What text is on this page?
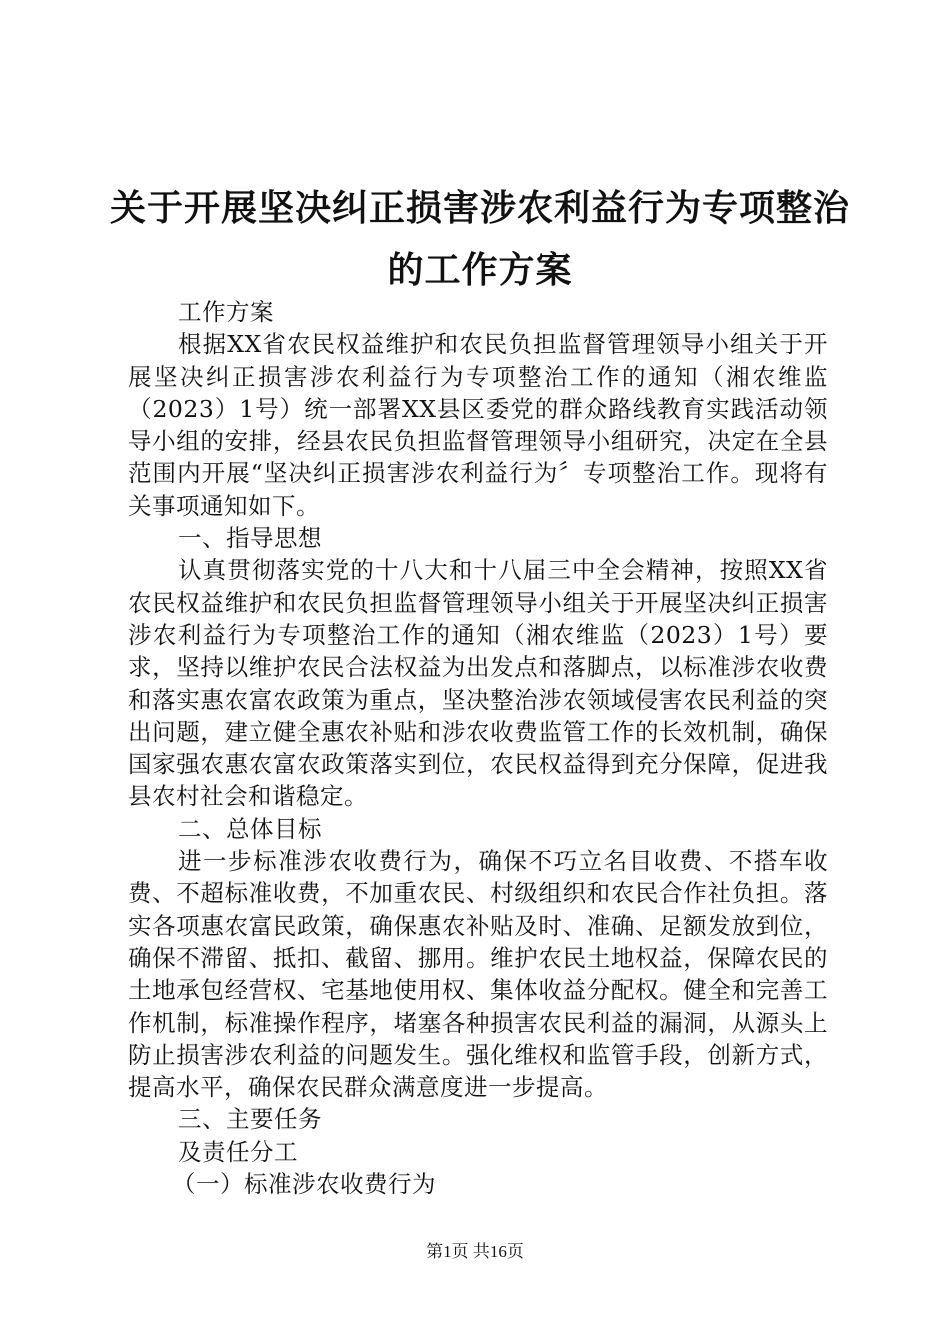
关于开展坚决纠正损害涉农利益行为专项整治
的工作方案

工作方案

根据XX省农民权益维护和农民负担监督管理领导小组关于开展坚决纠正损害涉农利益行为专项整治工作的通知（湘农维监（2023）1号）统一部署XX县区委党的群众路线教育实践活动领导小组的安排，经县农民负担监督管理领导小组研究，决定在全县范围内开展“坚决纠正损害涉农利益行为〞专项整治工作。现将有关事项通知如下。

一、指导思想

认真贯彻落实党的十八大和十八届三中全会精神，按照XX省农民权益维护和农民负担监督管理领导小组关于开展坚决纠正损害涉农利益行为专项整治工作的通知（湘农维监（2023）1号）要求，坚持以维护农民合法权益为出发点和落脚点，以标准涉农收费和落实惠农富农政策为重点，坚决整治涉农领域侵害农民利益的突出问题，建立健全惠农补贴和涉农收费监管工作的长效机制，确保国家强农惠农富农政策落实到位，农民权益得到充分保障，促进我县农村社会和谐稳定。

二、总体目标

进一步标准涉农收费行为，确保不巧立名目收费、不搭车收费、不超标准收费，不加重农民、村级组织和农民合作社负担。落实各项惠农富民政策，确保惠农补贴及时、准确、足额发放到位，确保不滞留、抵扣、截留、挪用。维护农民土地权益，保障农民的土地承包经营权、宅基地使用权、集体收益分配权。健全和完善工作机制，标准操作程序，堵塞各种损害农民利益的漏洞，从源头上防止损害涉农利益的问题发生。强化维权和监管手段，创新方式，提高水平，确保农民群众满意度进一步提高。

三、主要任务

及责任分工

（一）标准涉农收费行为

第1页 共16页
